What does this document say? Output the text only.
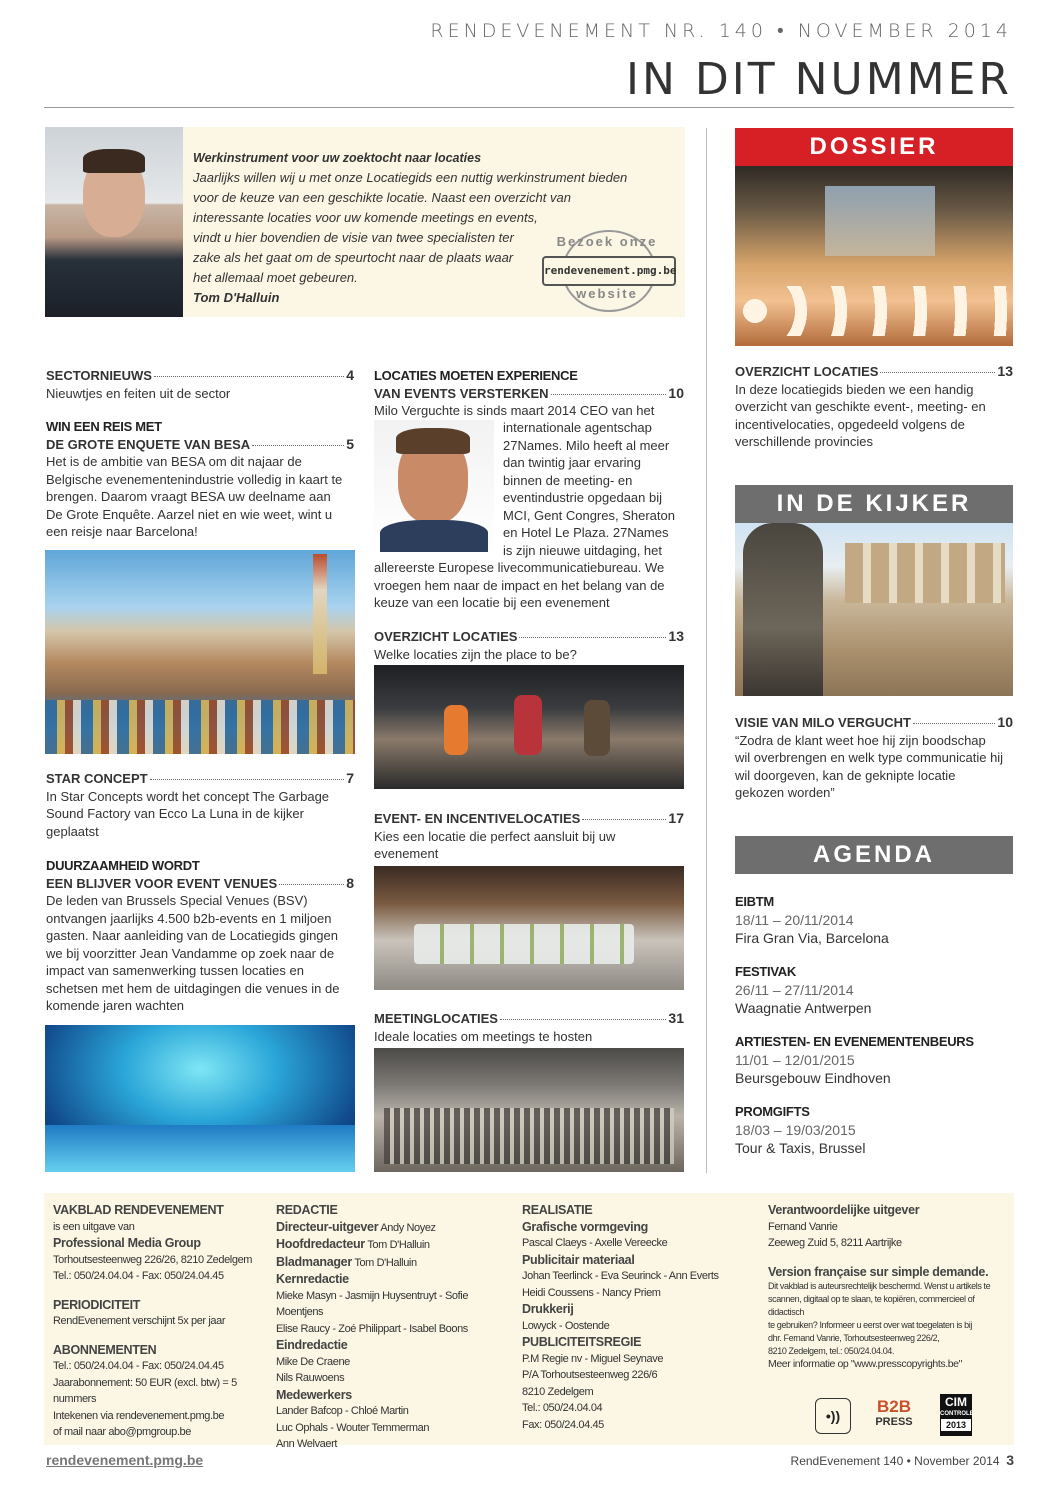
RENDEVENEMENT NR. 140 • NOVEMBER 2014
IN DIT NUMMER
Werkinstrument voor uw zoektocht naar locaties
Jaarlijks willen wij u met onze Locatiegids een nuttig werkinstrument bieden
voor de keuze van een geschikte locatie. Naast een overzicht van
interessante locaties voor uw komende meetings en events,
vindt u hier bovendien de visie van twee specialisten ter
zake als het gaat om de speurtocht naar de plaats waar
het allemaal moet gebeuren.
Tom D'Halluin
Bezoek onze
rendevenement.pmg.be
website
SECTORNIEUWS	4
Nieuwtjes en feiten uit de sector
WIN EEN REIS MET
DE GROTE ENQUETE VAN BESA	5
Het is de ambitie van BESA om dit najaar de
Belgische evenementenindustrie volledig in kaart te
brengen. Daarom vraagt BESA uw deelname aan
De Grote Enquête. Aarzel niet en wie weet, wint u
een reisje naar Barcelona!
STAR CONCEPT	7
In Star Concepts wordt het concept The Garbage
Sound Factory van Ecco La Luna in de kijker
geplaatst
DUURZAAMHEID WORDT
EEN BLIJVER VOOR EVENT VENUES	8
De leden van Brussels Special Venues (BSV)
ontvangen jaarlijks 4.500 b2b-events en 1 miljoen
gasten. Naar aanleiding van de Locatiegids gingen
we bij voorzitter Jean Vandamme op zoek naar de
impact van samenwerking tussen locaties en
schetsen met hem de uitdagingen die venues in de
komende jaren wachten
LOCATIES MOETEN EXPERIENCE
VAN EVENTS VERSTERKEN	10
Milo Verguchte is sinds maart 2014 CEO van het
internationale agentschap
27Names. Milo heeft al meer
dan twintig jaar ervaring
binnen de meeting- en
eventindustrie opgedaan bij
MCI, Gent Congres, Sheraton
en Hotel Le Plaza. 27Names
is zijn nieuwe uitdaging, het
allereerste Europese livecommunicatiebureau. We
vroegen hem naar de impact en het belang van de
keuze van een locatie bij een evenement
OVERZICHT LOCATIES	13
Welke locaties zijn the place to be?
EVENT- EN INCENTIVELOCATIES	17
Kies een locatie die perfect aansluit bij uw
evenement
MEETINGLOCATIES	31
Ideale locaties om meetings te hosten
DOSSIER
OVERZICHT LOCATIES	13
In deze locatiegids bieden we een handig
overzicht van geschikte event-, meeting- en
incentivelocaties, opgedeeld volgens de
verschillende provincies
IN DE KIJKER
VISIE VAN MILO VERGUCHT	10
“Zodra de klant weet hoe hij zijn boodschap
wil overbrengen en welk type communicatie hij
wil doorgeven, kan de geknipte locatie
gekozen worden”
AGENDA
EIBTM
18/11 – 20/11/2014
Fira Gran Via, Barcelona
FESTIVAK
26/11 – 27/11/2014
Waagnatie Antwerpen
ARTIESTEN- EN EVENEMENTENBEURS
11/01 – 12/01/2015
Beursgebouw Eindhoven
PROMGIFTS
18/03 – 19/03/2015
Tour & Taxis, Brussel
VAKBLAD RENDEVENEMENT
is een uitgave van
Professional Media Group
Torhoutsesteenweg 226/26, 8210 Zedelgem
Tel.: 050/24.04.04 - Fax: 050/24.04.45
PERIODICITEIT
RendEvenement verschijnt 5x per jaar
ABONNEMENTEN
Tel.: 050/24.04.04 - Fax: 050/24.04.45
Jaarabonnement: 50 EUR (excl. btw) = 5 nummers
Intekenen via rendevenement.pmg.be
of mail naar abo@pmgroup.be
REDACTIE
Directeur-uitgever Andy Noyez
Hoofdredacteur Tom D'Halluin
Bladmanager Tom D'Halluin
Kernredactie
Mieke Masyn - Jasmijn Huysentruyt - Sofie Moentjens
Elise Raucy - Zoé Philippart - Isabel Boons
Eindredactie
Mike De Craene
Nils Rauwoens
Medewerkers
Lander Bafcop - Chloé Martin
Luc Ophals - Wouter Temmerman
Ann Welvaert
REALISATIE
Grafische vormgeving
Pascal Claeys - Axelle Vereecke
Publicitair materiaal
Johan Teerlinck - Eva Seurinck - Ann Everts
Heidi Coussens - Nancy Priem
Drukkerij
Lowyck - Oostende
PUBLICITEITSREGIE
P.M Regie nv - Miguel Seynave
P/A Torhoutsesteenweg 226/6
8210 Zedelgem
Tel.: 050/24.04.04
Fax: 050/24.04.45
Verantwoordelijke uitgever
Fernand Vanrie
Zeeweg Zuid 5, 8211 Aartrijke
Version française sur simple demande.
Dit vakblad is auteursrechtelijk beschermd. Wenst u artikels te
scannen, digitaal op te slaan, te kopiëren, commercieel of didactisch
te gebruiken? Informeer u eerst over wat toegelaten is bij
dhr. Fernand Vanrie, Torhoutsesteenweg 226/2,
8210 Zedelgem, tel.: 050/24.04.04.
Meer informatie op "www.presscopyrights.be"
•))	B2B
PRESS
CIM
CONTROLE
2013
rendevenement.pmg.be	RendEvenement 140 • November 2014 3
